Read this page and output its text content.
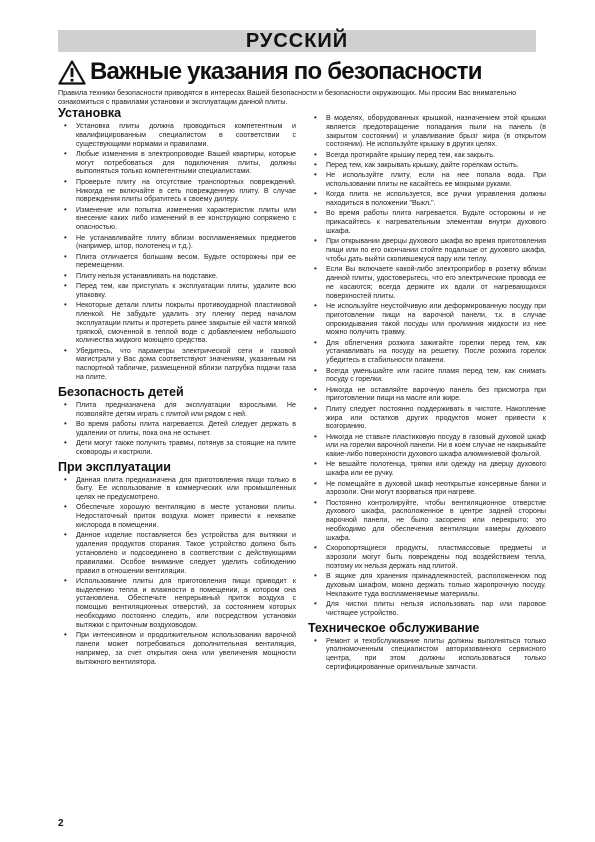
РУССКИЙ
Важные указания по безопасности
Правила техники безопасности приводятся в интересах Вашей безопасности и безопасности окружающих. Мы просим Вас внимательно ознакомиться с правилами установки и эксплуатации данной плиты.
Установка
• Установка плиты должна проводиться компетентным и квалифицированным специалистом в соответствии с существующими нормами и правилами.
• Любые изменения в электропроводке Вашей квартиры, которые могут потребоваться для подключения плиты, должны выполняться только компетентными специалистами.
• Проверьте плиту на отсутствие транспортных повреждений. Никогда не включайте в сеть поврежденную плиту. В случае повреждения плиты обратитесь к своему дилеру.
• Изменение или попытка изменения характеристик плиты или внесение каких либо изменений в ее конструкцию сопряжено с опасностью.
• Не устанавливайте плиту вблизи воспламеняемых предметов (например, штор, полотенец и т.д.).
• Плита отличается большим весом. Будьте осторожны при ее перемещении.
• Плиту нельзя устанавливать на подставке.
• Перед тем, как приступать к эксплуатации плиты, удалите всю упаковку.
• Некоторые детали плиты покрыты противоударной пластиковой пленкой. Не забудьте удалить эту пленку перед началом эксплуатации плиты и протереть ранее закрытые ей части мягкой тряпкой, смоченной в теплой воде с добавлением небольшого количества жидкого моющего средства.
• Убедитесь, что параметры электрической сети и газовой магистрали у Вас дома соответствуют значениям, указанным на паспортной табличке, размещенной вблизи патрубка подачи газа на плите.
Безопасность детей
• Плита предназначена для эксплуатации взрослыми. Не позволяйте детям играть с плитой или рядом с ней.
• Во время работы плита нагревается. Детей следует держать в удалении от плиты, пока она не остынет.
• Дети могут также получить травмы, потянув за стоящие на плите сковороды и кастрюли.
При эксплуатации
• Данная плита предназначена для приготовления пищи только в быту. Ее использование в коммерческих или промышленных целях не предусмотрено.
• Обеспечьте хорошую вентиляцию в месте установки плиты. Недостаточный приток воздуха может привести к нехватке кислорода в помещении.
• Данное изделие поставляется без устройства для вытяжки и удаления продуктов сгорания. Такое устройство должно быть установлено и подсоединено в соответствии с действующими правилами. Особое внимание следует уделить соблюдению правил в отношении вентиляции.
• Использование плиты для приготовления пищи приводит к выделению тепла и влажности в помещении, в котором она установлена. Обеспечьте непрерывный приток воздуха с помощью вентиляционных отверстий, за состоянием которых необходимо постоянно следить, или посредством установки вытяжки с приточным воздуховодом.
• При интенсивном и продолжительном использовании варочной панели может потребоваться дополнительная вентиляция, например, за счет открытия окна или увеличения мощности вытяжного вентилятора.
• В моделях, оборудованных крышкой, назначением этой крышки является предотвращение попадания пыли на панель (в закрытом состоянии) и улавливание брызг жира (в открытом состоянии). Не используйте крышку в других целях.
• Всегда протирайте крышку перед тем, как закрыть.
• Перед тем, как закрывать крышку, дайте горелкам остыть.
• Не используйте плиту, если на нее попала вода. При использовании плиты не касайтесь ее мокрыми руками.
• Когда плита не используется, все ручки управления должны находиться в положении "Выкл.".
• Во время работы плита нагревается. Будьте осторожны и не прикасайтесь к нагревательным элементам внутри духового шкафа.
• При открывании дверцы духового шкафа во время приготовления пищи или по его окончании стойте подальше от духового шкафа, чтобы дать выйти скопившемуся пару или теплу.
• Если Вы включаете какой-либо электроприбор в розетку вблизи данной плиты, удостоверьтесь, что его электрические провода ее не касаются; всегда держите их вдали от нагревающихся поверхностей плиты.
• Не используйте неустойчивую или деформированную посуду при приготовлении пищи на варочной панели, т.к. в случае опрокидывания такой посуды или пролиания жидкости из нее можно получить травму.
• Для облегчения розжига зажигайте горелки перед тем, как устанавливать на посуду на решетку. После розжига горелок убедитесь в стабильности пламени.
• Всегда уменьшайте или гасите пламя перед тем, как снимать посуду с горелки.
• Никогда не оставляйте варочную панель без присмотра при приготовлении пищи на масле или жире.
• Плиту следует постоянно поддерживать в чистоте. Накопление жира или остатков других продуктов может привести к возгоранию.
• Никогда не ставьте пластиковую посуду в газовый духовой шкаф или на горелки варочной панели. Ни в коем случае не накрывайте какие-либо поверхности духового шкафа алюминиевой фольгой.
• Не вешайте полотенца, тряпки или одежду на дверцу духового шкафа или ее ручку.
• Не помещайте в духовой шкаф неоткрытые консервные банки и аэрозоли. Они могут взорваться при нагреве.
• Постоянно контролируйте, чтобы вентиляционное отверстие духового шкафа, расположенное в центре задней стороны варочной панели, не было засорено или перекрыто; это необходимо для обеспечения вентиляции камеры духового шкафа.
• Скоропортящиеся продукты, пластмассовые предметы и аэрозоли могут быть повреждены под воздействием тепла, поэтому их нельзя держать над плитой.
• В ящике для хранения принадлежностей, расположенном под духовым шкафом, можно держать только жаропрочную посуду. Неклажите туда воспламеняемые материалы.
• Для чистки плиты нельзя использовать пар или паровое чистящее устройство.
Техническое обслуживание
• Ремонт и техобслуживание плиты должны выполняться только уполномоченным специалистом авторизованного сервисного центра, при этом должны использоваться только сертифицированные оригинальные запчасти.
2
